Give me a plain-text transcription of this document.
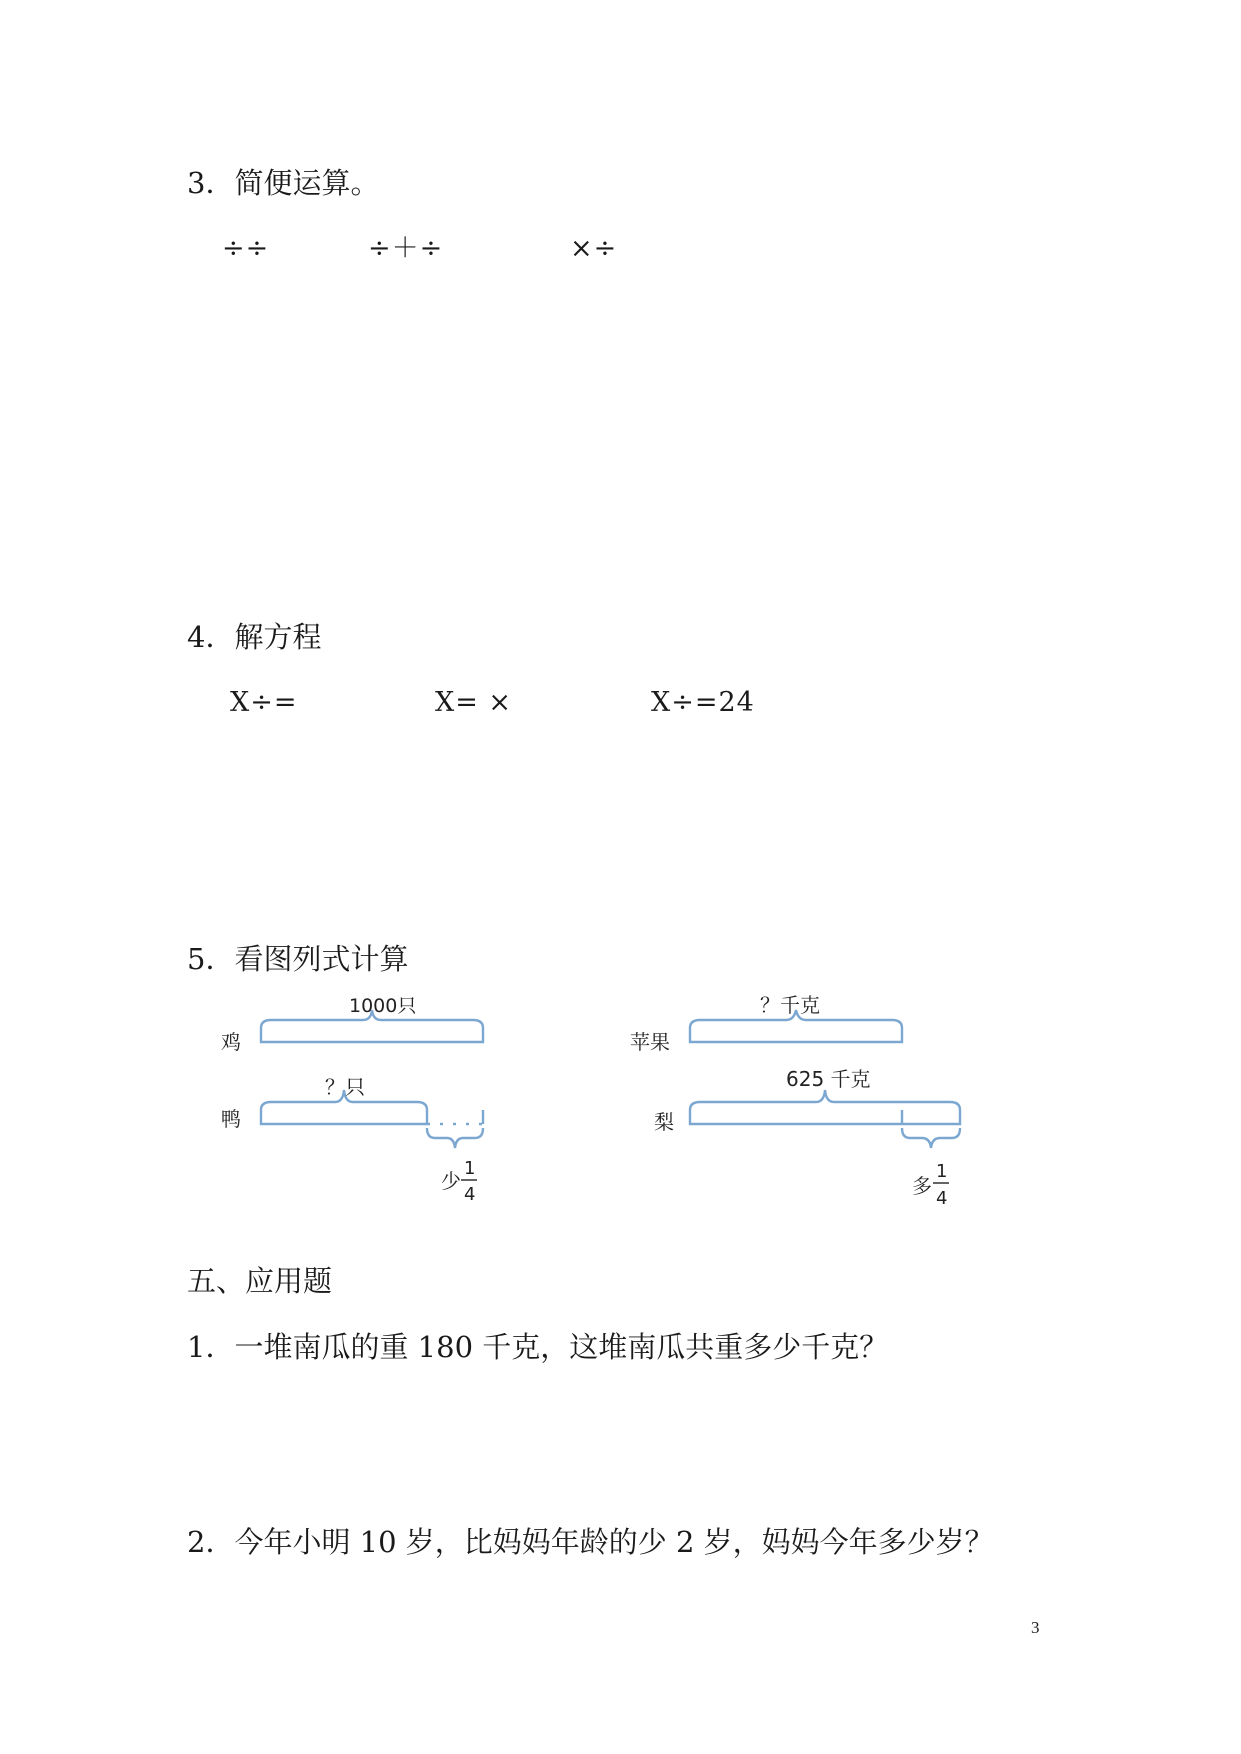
3．简便运算。
÷÷	÷＋÷	×÷
4．解方程
X÷=	X= ×	X÷=24
5．看图列式计算
1000只
鸡
？只
鸭
少
1
4
？千克
苹果
625 千克
梨
多
1
4
五、应用题
1．一堆南瓜的重 180 千克，这堆南瓜共重多少千克？
2．今年小明 10 岁，比妈妈年龄的少 2 岁，妈妈今年多少岁？
3
